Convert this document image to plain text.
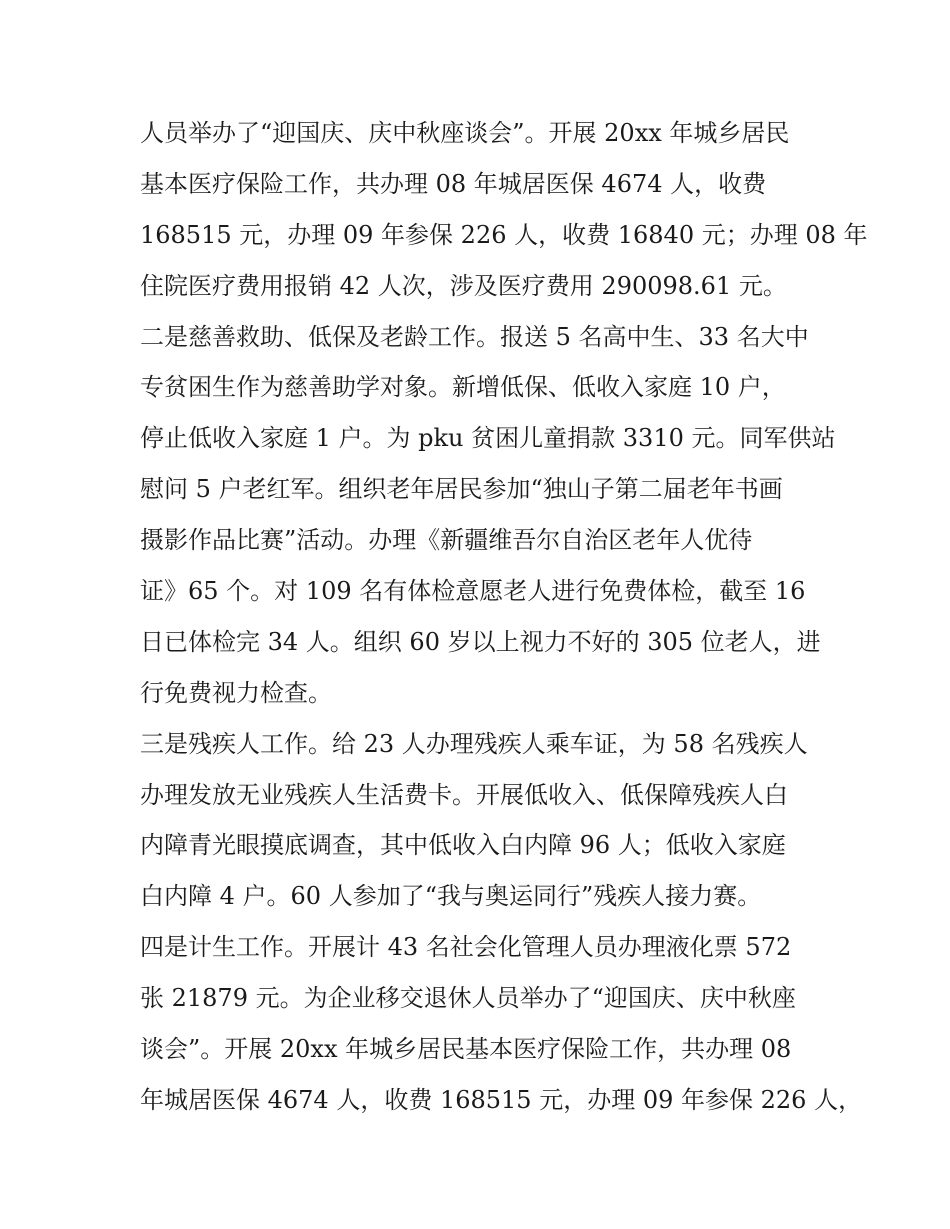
人员举办了“迎国庆、庆中秋座谈会”。开展 20xx 年城乡居民
基本医疗保险工作，共办理 08 年城居医保 4674 人，收费
168515 元，办理 09 年参保 226 人，收费 16840 元；办理 08 年
住院医疗费用报销 42 人次，涉及医疗费用 290098.61 元。
二是慈善救助、低保及老龄工作。报送 5 名高中生、33 名大中
专贫困生作为慈善助学对象。新增低保、低收入家庭 10 户，
停止低收入家庭 1 户。为 pku 贫困儿童捐款 3310 元。同军供站
慰问 5 户老红军。组织老年居民参加“独山子第二届老年书画
摄影作品比赛”活动。办理《新疆维吾尔自治区老年人优待
证》65 个。对 109 名有体检意愿老人进行免费体检，截至 16
日已体检完 34 人。组织 60 岁以上视力不好的 305 位老人，进
行免费视力检查。
三是残疾人工作。给 23 人办理残疾人乘车证，为 58 名残疾人
办理发放无业残疾人生活费卡。开展低收入、低保障残疾人白
内障青光眼摸底调查，其中低收入白内障 96 人；低收入家庭
白内障 4 户。60 人参加了“我与奥运同行”残疾人接力赛。
四是计生工作。开展计 43 名社会化管理人员办理液化票 572
张 21879 元。为企业移交退休人员举办了“迎国庆、庆中秋座
谈会”。开展 20xx 年城乡居民基本医疗保险工作，共办理 08
年城居医保 4674 人，收费 168515 元，办理 09 年参保 226 人，
